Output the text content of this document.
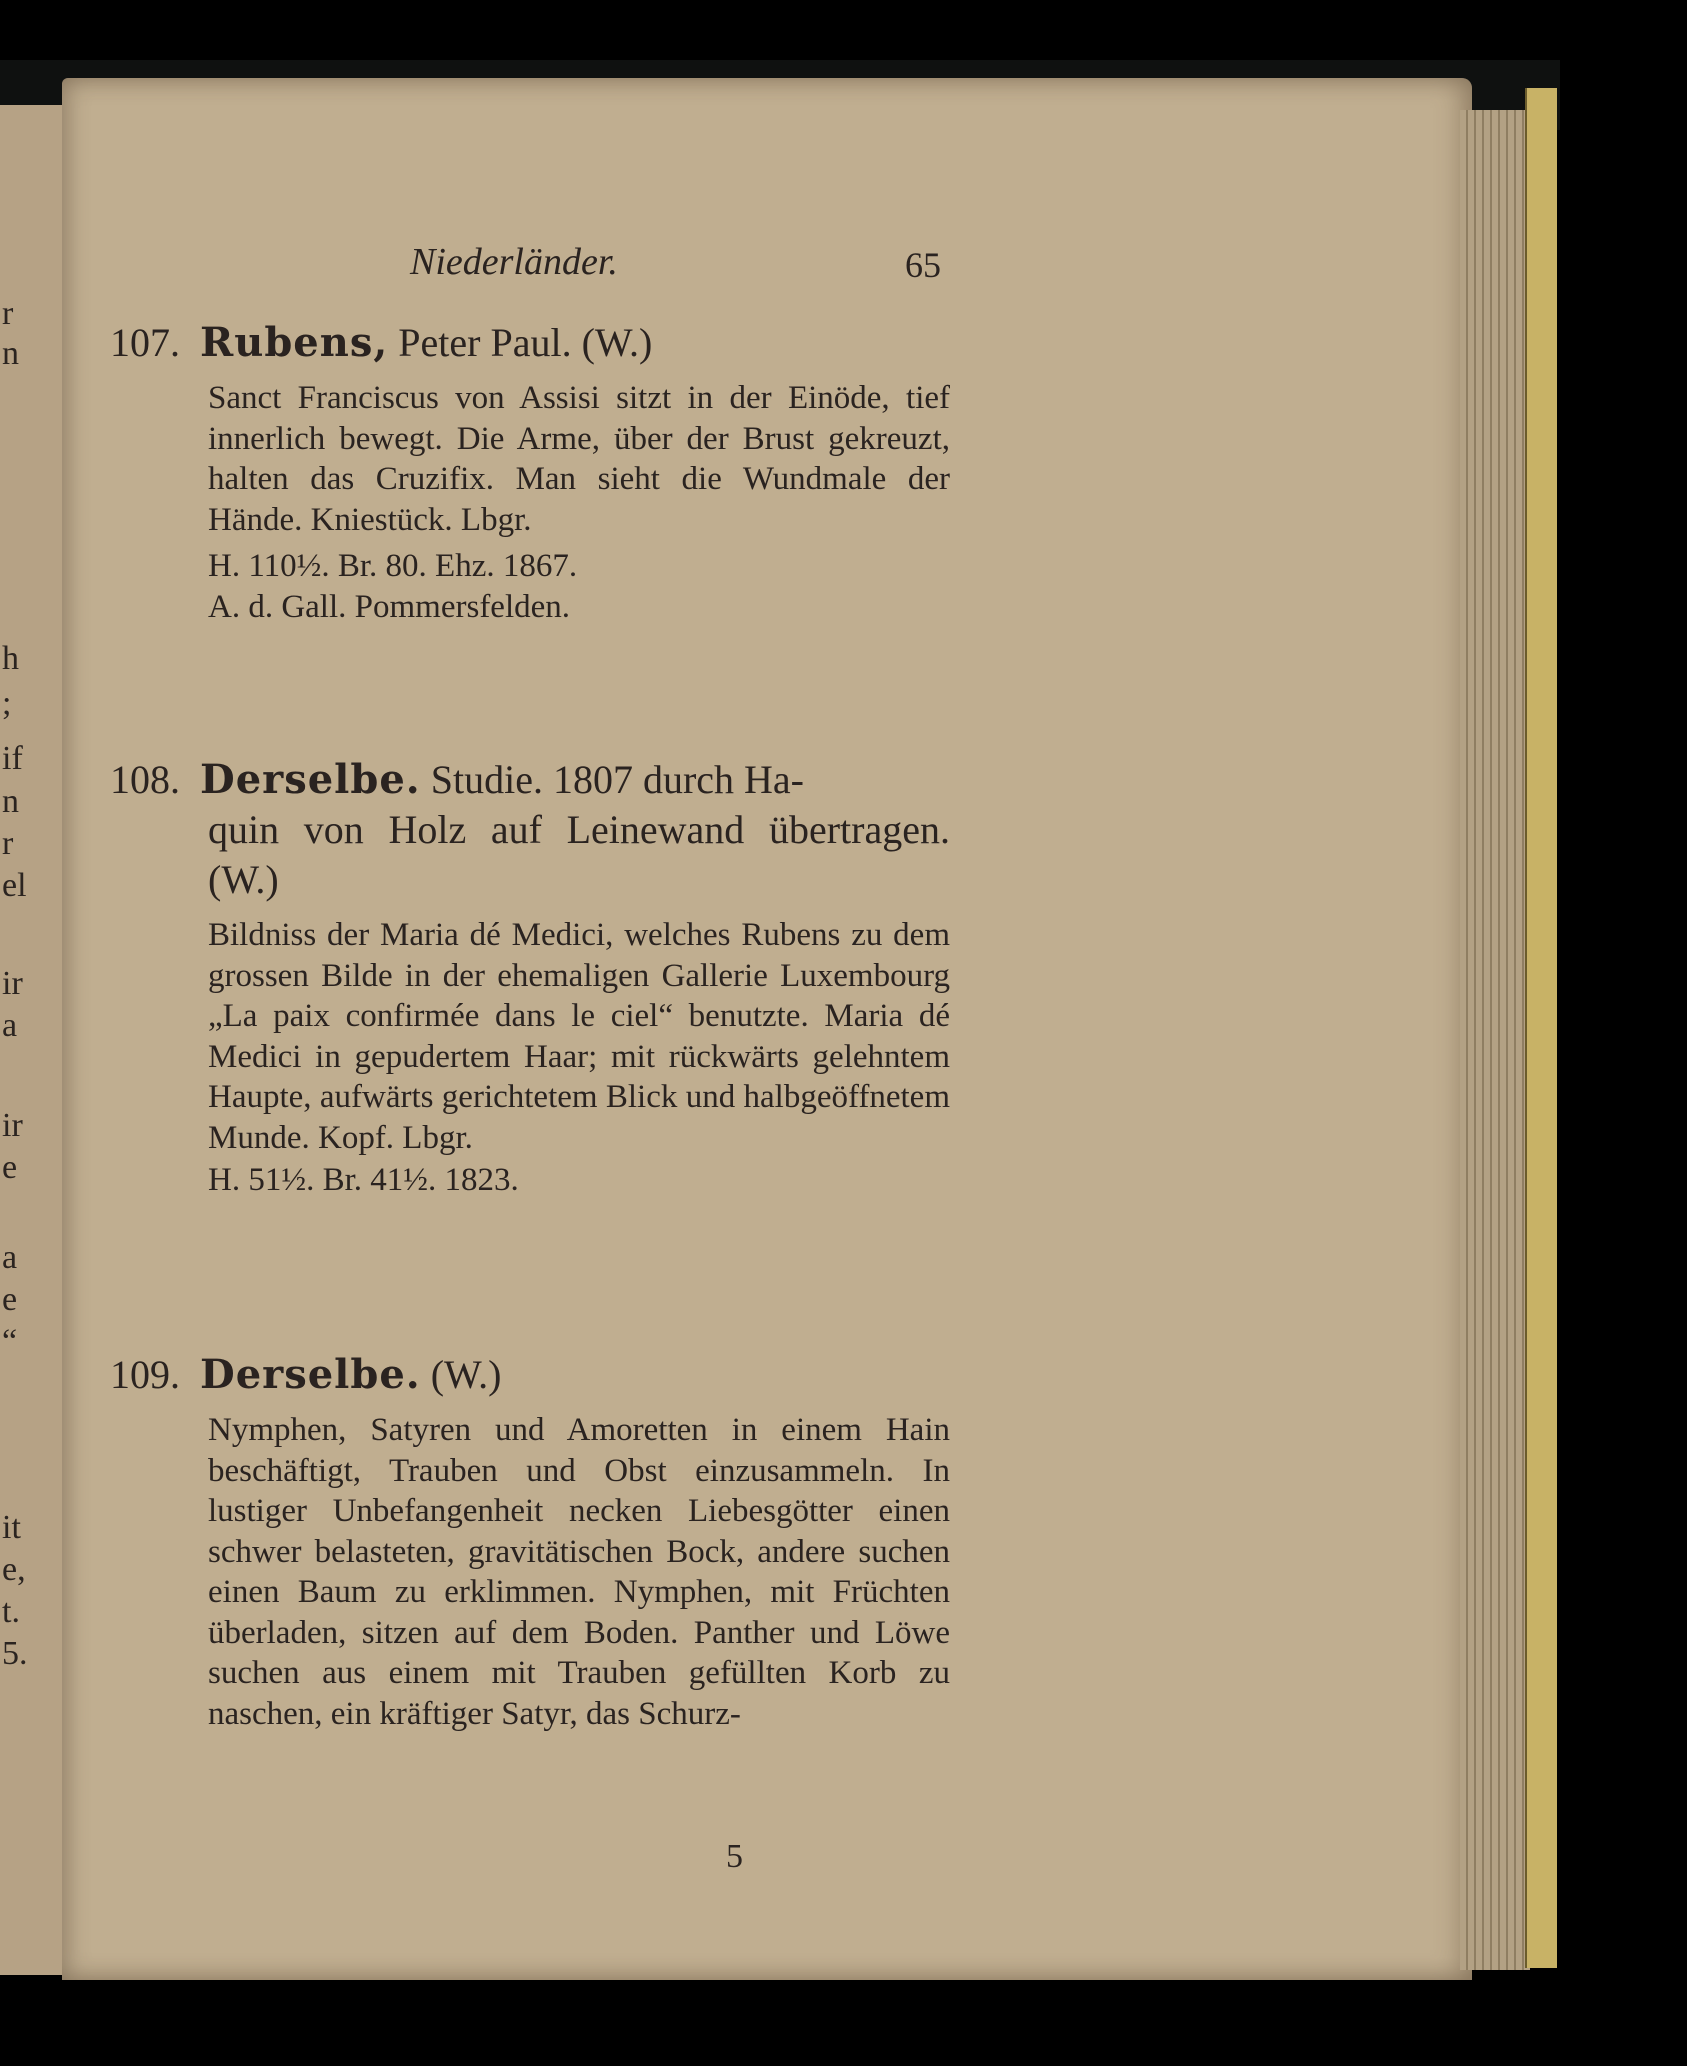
r
n
h
;
if
n
r
el
ir
a
ir
e
a
e
“
it
e,
t.
5.
Niederländer.	65
107. Rubens, Peter Paul. (W.)
Sanct Franciscus von Assisi sitzt in der Einöde, tief innerlich bewegt. Die Arme, über der Brust gekreuzt, halten das Cruzifix. Man sieht die Wundmale der Hände. Kniestück. Lbgr.
H. 110½. Br. 80. Ehz. 1867.
A. d. Gall. Pommersfelden.
108. Derselbe. Studie. 1807 durch Ha-
quin von Holz auf Leinewand übertragen. (W.)
Bildniss der Maria dé Medici, welches Rubens zu dem grossen Bilde in der ehemaligen Gallerie Luxembourg „La paix confirmée dans le ciel“ benutzte. Maria dé Medici in gepudertem Haar; mit rückwärts gelehntem Haupte, aufwärts gerichtetem Blick und halbgeöffnetem Munde. Kopf. Lbgr.
H. 51½. Br. 41½. 1823.
109. Derselbe. (W.)
Nymphen, Satyren und Amoretten in einem Hain beschäftigt, Trauben und Obst einzusammeln. In lustiger Unbefangenheit necken Liebesgötter einen schwer belasteten, gravitätischen Bock, andere suchen einen Baum zu erklimmen. Nymphen, mit Früchten überladen, sitzen auf dem Boden. Panther und Löwe suchen aus einem mit Trauben gefüllten Korb zu naschen, ein kräftiger Satyr, das Schurz-
5
